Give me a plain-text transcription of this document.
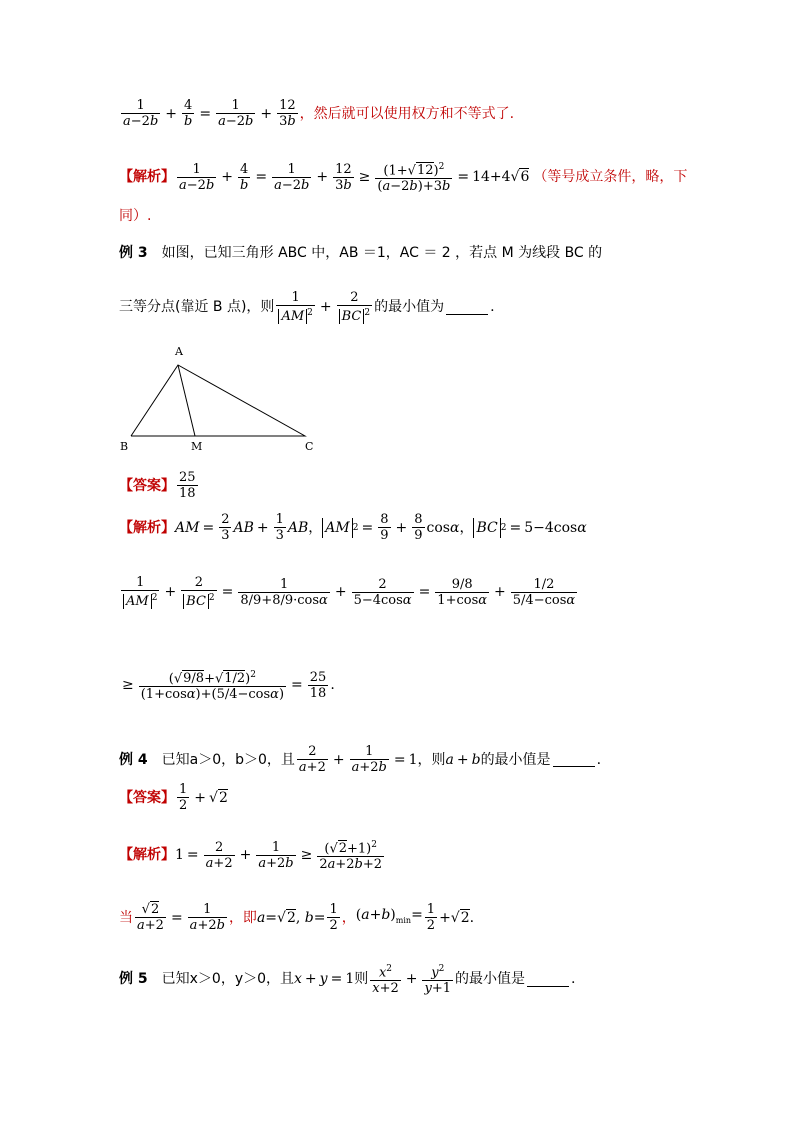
$\frac{1}{a-2b} + \frac{4}{b} = \frac{1}{a-2b} + \frac{12}{3b}$ ，然后就可以使用权方和不等式了.
【解析】 $\frac{1}{a-2b} + \frac{4}{b} = \frac{1}{a-2b} + \frac{12}{3b} \ge \frac{(1+√12)^2}{(a-2b)+3b} = 14+4√6$ （等号成立条件，略，下
同）.
例 3 如图，已知三角形 ABC 中，AB ＝1，AC ＝ 2 ，若点 M 为线段 BC 的
三等分点(靠近 B 点)，则 $\frac{1}{AM ^2} + \frac{2}{BC ^2}$ 的最小值为	.
A
B	M	C
【答案】 $\frac{25}{18}$
【解析】 AM = $\frac{2}{3}$ AB + $\frac{1}{3}$ AB ， AM $2 = \frac{8}{9} + \frac{8}{9}$ cosα， BC 2 = 5−4cosα
$\frac{1}{AM ^2} + \frac{2}{BC ^2} = \frac{1}{8/9+8/9\cdot\cos\alpha} + \frac{2}{5-4\cos\alpha} = \frac{9/8}{1+\cos\alpha} + \frac{1/2}{5/4-\cos\alpha}$
≥ $\frac{(√9/8+√1/2)^2}{(1+\cos\alpha)+(5/4-\cos\alpha)} = \frac{25}{18}$ .
例 4 已知 a＞0，b＞0，且 $\frac{2}{a+2} + \frac{1}{a+2b} = 1$ ，则 a + b 的最小值是	.
【答案】 $\frac{1}{2} + √2$
【解析】 $1 = \frac{2}{a+2} + \frac{1}{a+2b} \ge \frac{(√2+1)^2}{2a+2b+2}$
当 $\frac{√2}{a+2} = \frac{1}{a+2b}$ ，即 a=√2, $b= \frac{1}{2}$ ， $(a+b)_{min}= \frac{1}{2} +√2$.
例 5 已知 x＞0，y＞0，且 x + y = 1 则 $\frac{x^2}{x+2} + \frac{y^2}{y+1}$ 的最小值是	.
